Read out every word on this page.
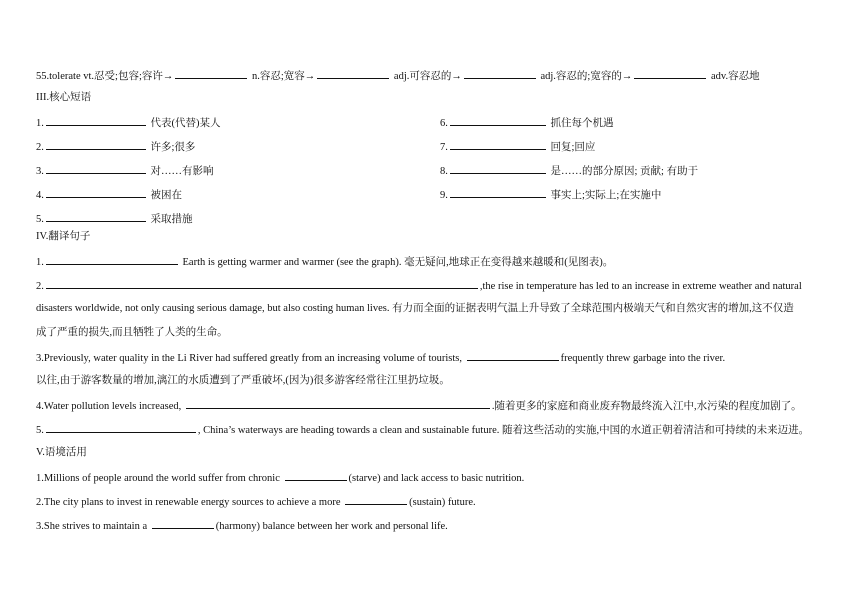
55.tolerate vt.忍受;包容;容许→	n.容忍;宽容→	adj.可容忍的→	adj.容忍的;宽容的→	adv.容忍地
III.核心短语
1.	代表(代替)某人
2.	许多;很多
3.	对……有影响
4.	被困在
5.	采取措施
6.	抓住每个机遇
7.	回复;回应
8.	是……的部分原因; 贡献; 有助于
9.	事实上;实际上;在实施中
IV.翻译句子
1.	Earth is getting warmer and warmer (see the graph). 毫无疑问,地球正在变得越来越暖和(见图表)。
2.	,the rise in temperature has led to an increase in extreme weather and natural
disasters worldwide, not only causing serious damage, but also costing human lives. 有力而全面的证据表明气温上升导致了全球范围内极端天气和自然灾害的增加,这不仅造
成了严重的损失,而且牺牲了人类的生命。
3.Previously, water quality in the Li River had suffered greatly from an increasing volume of tourists,	frequently threw garbage into the river.
以往,由于游客数量的增加,漓江的水质遭到了严重破坏,(因为)很多游客经常往江里扔垃圾。
4.Water pollution levels increased,	.随着更多的家庭和商业废弃物最终流入江中,水污染的程度加剧了。
5.	, China’s waterways are heading towards a clean and sustainable future. 随着这些活动的实施,中国的水道正朝着清洁和可持续的未来迈进。
V.语境活用
1.Millions of people around the world suffer from chronic	(starve) and lack access to basic nutrition.
2.The city plans to invest in renewable energy sources to achieve a more	(sustain) future.
3.She strives to maintain a	(harmony) balance between her work and personal life.
